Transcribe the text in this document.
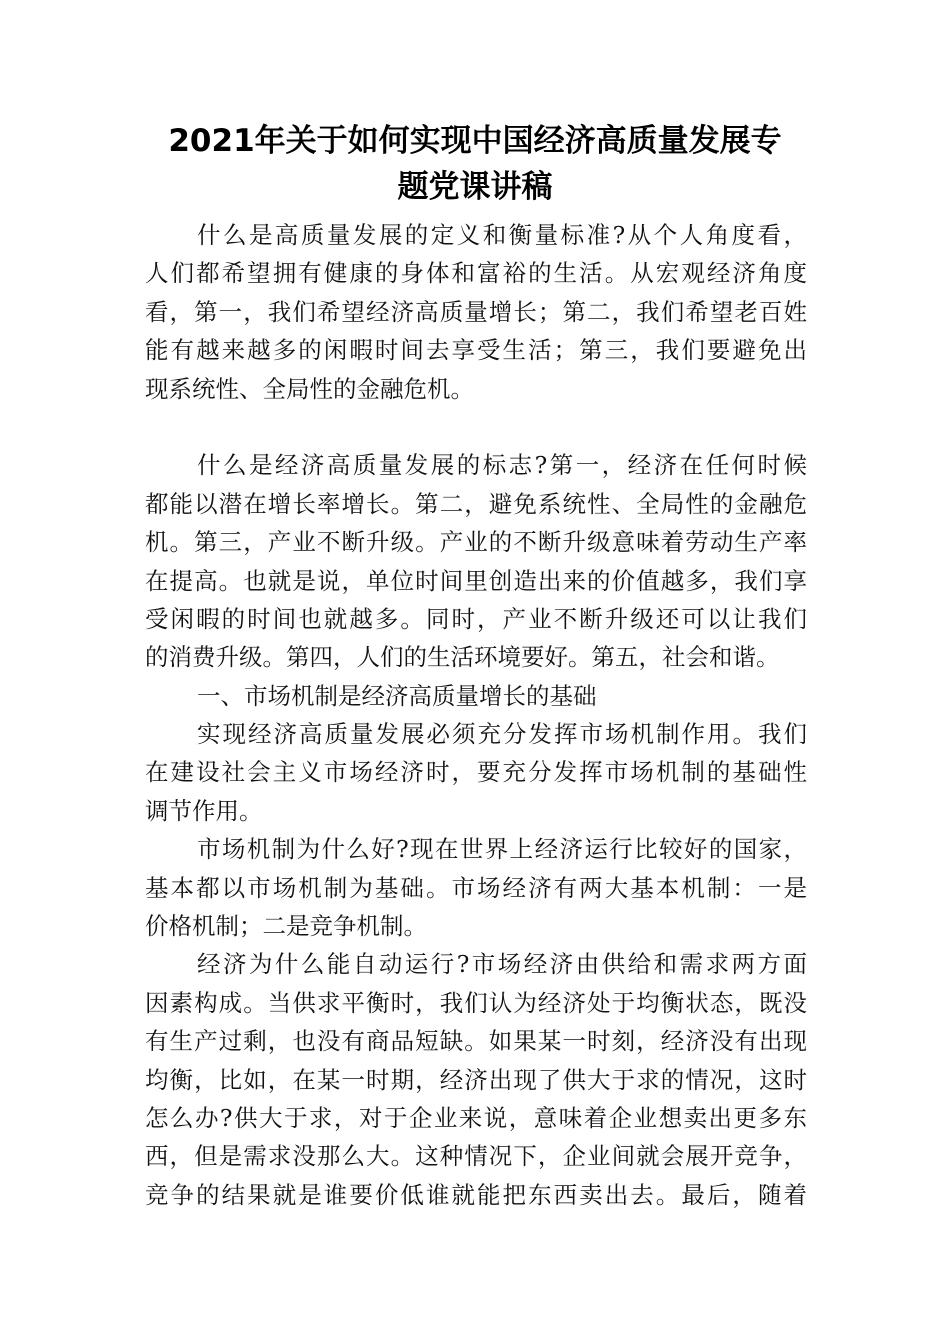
2021年关于如何实现中国经济高质量发展专
题党课讲稿
什么是高质量发展的定义和衡量标准?从个人角度看，
人们都希望拥有健康的身体和富裕的生活。从宏观经济角度
看，第一，我们希望经济高质量增长；第二，我们希望老百姓
能有越来越多的闲暇时间去享受生活；第三，我们要避免出
现系统性、全局性的金融危机。
什么是经济高质量发展的标志?第一，经济在任何时候
都能以潜在增长率增长。第二，避免系统性、全局性的金融危
机。第三，产业不断升级。产业的不断升级意味着劳动生产率
在提高。也就是说，单位时间里创造出来的价值越多，我们享
受闲暇的时间也就越多。同时，产业不断升级还可以让我们
的消费升级。第四，人们的生活环境要好。第五，社会和谐。
一、市场机制是经济高质量增长的基础
实现经济高质量发展必须充分发挥市场机制作用。我们
在建设社会主义市场经济时，要充分发挥市场机制的基础性
调节作用。
市场机制为什么好?现在世界上经济运行比较好的国家，
基本都以市场机制为基础。市场经济有两大基本机制：一是
价格机制；二是竞争机制。
经济为什么能自动运行?市场经济由供给和需求两方面
因素构成。当供求平衡时，我们认为经济处于均衡状态，既没
有生产过剩，也没有商品短缺。如果某一时刻，经济没有出现
均衡，比如，在某一时期，经济出现了供大于求的情况，这时
怎么办?供大于求，对于企业来说，意味着企业想卖出更多东
西，但是需求没那么大。这种情况下，企业间就会展开竞争，
竞争的结果就是谁要价低谁就能把东西卖出去。最后，随着
